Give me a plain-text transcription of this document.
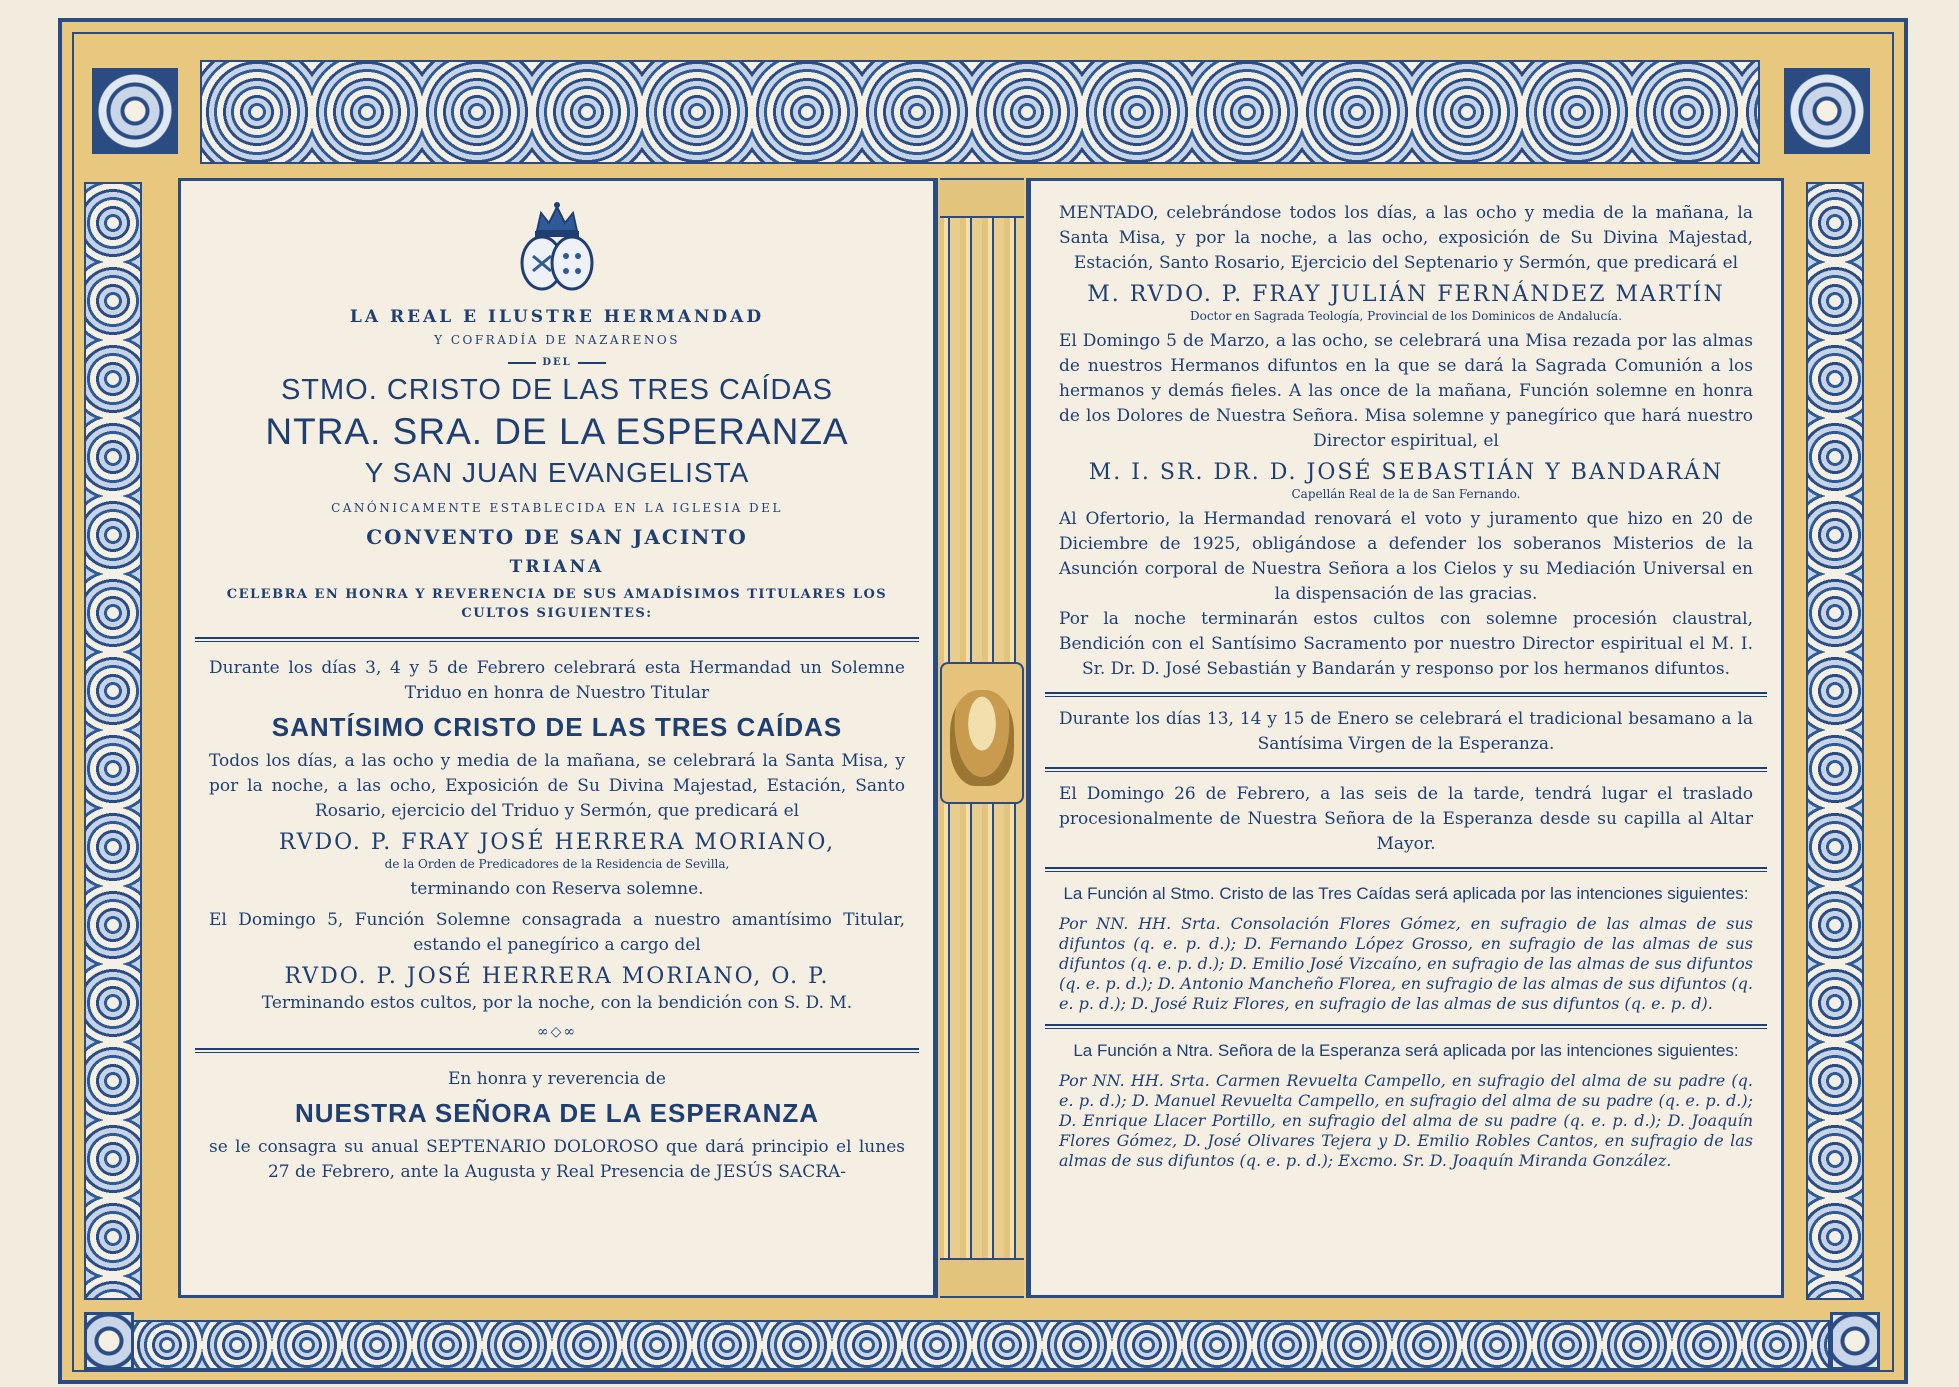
LA REAL E ILUSTRE HERMANDAD
Y COFRADÍA DE NAZARENOS
DEL
STMO. CRISTO DE LAS TRES CAÍDAS
NTRA. SRA. DE LA ESPERANZA
Y SAN JUAN EVANGELISTA
CANÓNICAMENTE ESTABLECIDA EN LA IGLESIA DEL
CONVENTO DE SAN JACINTO
TRIANA
CELEBRA EN HONRA Y REVERENCIA DE SUS AMADÍSIMOS TITULARES LOS CULTOS SIGUIENTES:

Durante los días 3, 4 y 5 de Febrero celebrará esta Hermandad un Solemne Triduo en honra de Nuestro Titular

SANTÍSIMO CRISTO DE LAS TRES CAÍDAS

Todos los días, a las ocho y media de la mañana, se celebrará la Santa Misa, y por la noche, a las ocho, Exposición de Su Divina Majestad, Estación, Santo Rosario, ejercicio del Triduo y Sermón, que predicará el

RVDO. P. FRAY JOSÉ HERRERA MORIANO,
de la Orden de Predicadores de la Residencia de Sevilla,

terminando con Reserva solemne.

El Domingo 5, Función Solemne consagrada a nuestro amantísimo Titular, estando el panegírico a cargo del

RVDO. P. JOSÉ HERRERA MORIANO, O. P.

Terminando estos cultos, por la noche, con la bendición con S. D. M.

∞◇∞

En honra y reverencia de

NUESTRA SEÑORA DE LA ESPERANZA

se le consagra su anual SEPTENARIO DOLOROSO que dará principio el lunes 27 de Febrero, ante la Augusta y Real Presencia de JESÚS SACRA-

MENTADO, celebrándose todos los días, a las ocho y media de la mañana, la Santa Misa, y por la noche, a las ocho, exposición de Su Divina Majestad, Estación, Santo Rosario, Ejercicio del Septenario y Sermón, que predicará el

M. RVDO. P. FRAY JULIÁN FERNÁNDEZ MARTÍN
Doctor en Sagrada Teología, Provincial de los Dominicos de Andalucía.

El Domingo 5 de Marzo, a las ocho, se celebrará una Misa rezada por las almas de nuestros Hermanos difuntos en la que se dará la Sagrada Comunión a los hermanos y demás fieles. A las once de la mañana, Función solemne en honra de los Dolores de Nuestra Señora. Misa solemne y panegírico que hará nuestro Director espiritual, el

M. I. SR. DR. D. JOSÉ SEBASTIÁN Y BANDARÁN
Capellán Real de la de San Fernando.

Al Ofertorio, la Hermandad renovará el voto y juramento que hizo en 20 de Diciembre de 1925, obligándose a defender los soberanos Misterios de la Asunción corporal de Nuestra Señora a los Cielos y su Mediación Universal en la dispensación de las gracias.

Por la noche terminarán estos cultos con solemne procesión claustral, Bendición con el Santísimo Sacramento por nuestro Director espiritual el M. I. Sr. Dr. D. José Sebastián y Bandarán y responso por los hermanos difuntos.

Durante los días 13, 14 y 15 de Enero se celebrará el tradicional besamano a la Santísima Virgen de la Esperanza.

El Domingo 26 de Febrero, a las seis de la tarde, tendrá lugar el traslado procesionalmente de Nuestra Señora de la Esperanza desde su capilla al Altar Mayor.

La Función al Stmo. Cristo de las Tres Caídas será aplicada por las intenciones siguientes:

Por NN. HH. Srta. Consolación Flores Gómez, en sufragio de las almas de sus difuntos (q. e. p. d.); D. Fernando López Grosso, en sufragio de las almas de sus difuntos (q. e. p. d.); D. Emilio José Vizcaíno, en sufragio de las almas de sus difuntos (q. e. p. d.); D. Antonio Mancheño Florea, en sufragio de las almas de sus difuntos (q. e. p. d.); D. José Ruiz Flores, en sufragio de las almas de sus difuntos (q. e. p. d).

La Función a Ntra. Señora de la Esperanza será aplicada por las intenciones siguientes:

Por NN. HH. Srta. Carmen Revuelta Campello, en sufragio del alma de su padre (q. e. p. d.); D. Manuel Revuelta Campello, en sufragio del alma de su padre (q. e. p. d.); D. Enrique Llacer Portillo, en sufragio del alma de su padre (q. e. p. d.); D. Joaquín Flores Gómez, D. José Olivares Tejera y D. Emilio Robles Cantos, en sufragio de las almas de sus difuntos (q. e. p. d.); Excmo. Sr. D. Joaquín Miranda González.
